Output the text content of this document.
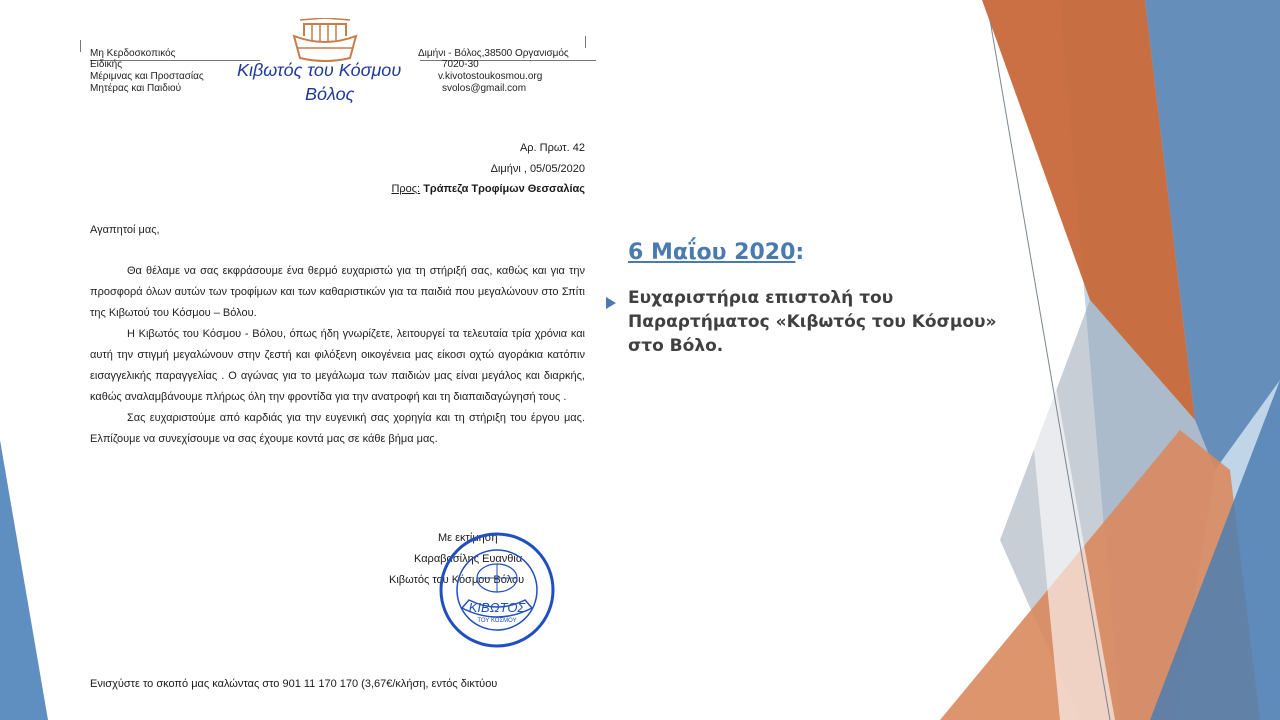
Μη Κερδοσκοπικός
Ειδικής
Μέριμνας και Προστασίας
Μητέρας και Παιδιού
Κιβωτός του Κόσμου
Βόλος
Διμήνι - Βόλος,38500 Οργανισμός
7020-30
v.kivotostoukosmou.org
svolos@gmail.com
Αρ. Πρωτ. 42
Διμήνι , 05/05/2020
Προς: Τράπεζα Τροφίμων Θεσσαλίας
Αγαπητοί μας,

Θα θέλαμε να σας εκφράσουμε ένα θερμό ευχαριστώ για τη στήριξή σας, καθώς και για την προσφορά όλων αυτών των τροφίμων και των καθαριστικών για τα παιδιά που μεγαλώνουν στο Σπίτι της Κιβωτού του Κόσμου – Βόλου.

Η Κιβωτός του Κόσμου - Βόλου, όπως ήδη γνωρίζετε, λειτουργεί τα τελευταία τρία χρόνια και αυτή την στιγμή μεγαλώνουν στην ζεστή και φιλόξενη οικογένεια μας είκοσι οχτώ αγοράκια κατόπιν εισαγγελικής παραγγελίας . Ο αγώνας για το μεγάλωμα των παιδιών μας είναι μεγάλος και διαρκής, καθώς αναλαμβάνουμε πλήρως όλη την φροντίδα για την ανατροφή και τη διαπαιδαγώγησή τους .

Σας ευχαριστούμε από καρδιάς για την ευγενική σας χορηγία και τη στήριξη του έργου μας. Ελπίζουμε να συνεχίσουμε να σας έχουμε κοντά μας σε κάθε βήμα μας.

Με εκτίμηση
Καραβασίλης Ευανθία
Κιβωτός του Κόσμου Βόλου
ΚΙΒΩΤΟΣ
ΤΟΥ ΚΟΣΜΟΥ
Ενισχύστε το σκοπό μας καλώντας στο 901 11 170 170 (3,67€/κλήση, εντός δικτύου
6 Μαΐου 2020:
Ευχαριστήρια επιστολή του Παραρτήματος «Κιβωτός του Κόσμου» στο Βόλο.
